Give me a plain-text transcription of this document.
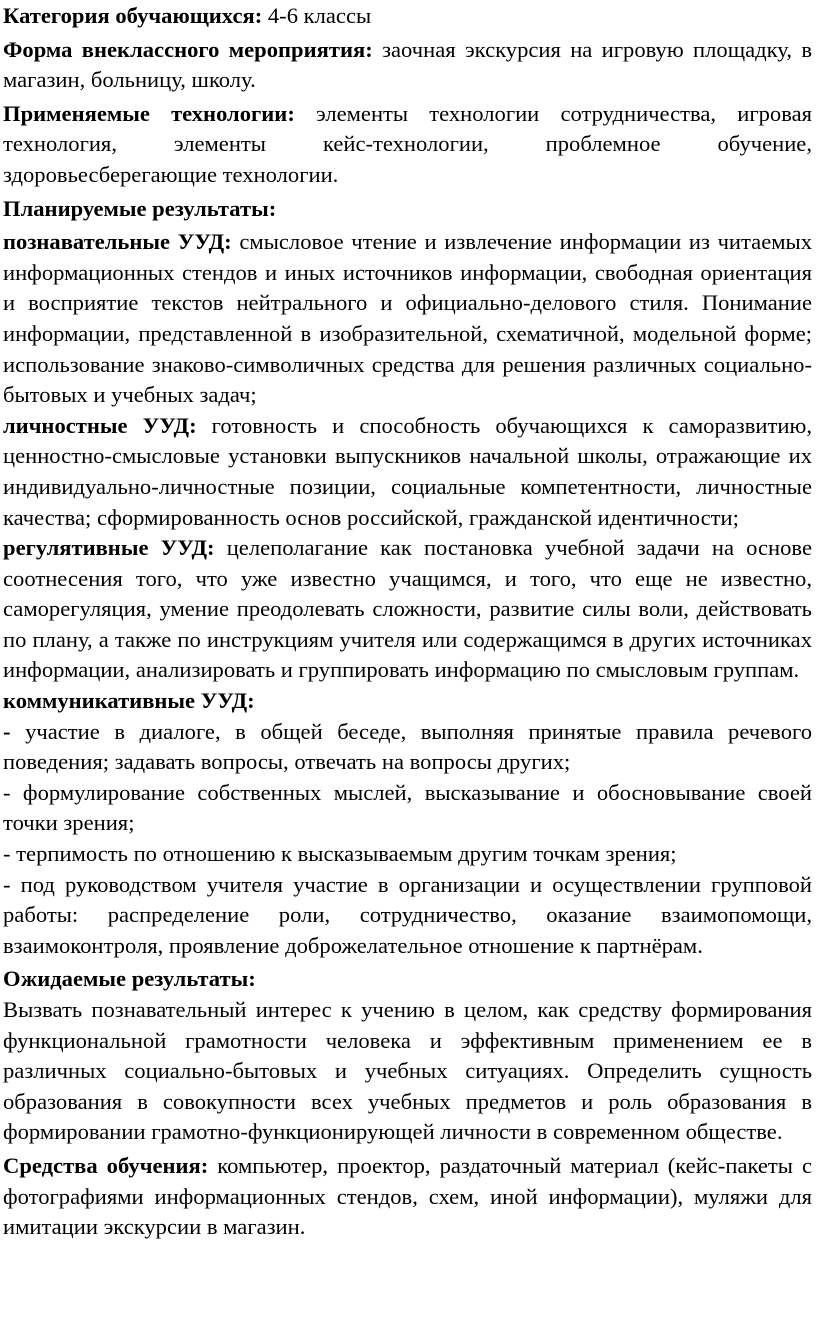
Категория обучающихся: 4-6 классы

Форма внеклассного мероприятия: заочная экскурсия на игровую площадку, в магазин, больницу, школу.

Применяемые технологии: элементы технологии сотрудничества, игровая технология, элементы кейс-технологии, проблемное обучение, здоровьесберегающие технологии.

Планируемые результаты:

познавательные УУД: смысловое чтение и извлечение информации из читаемых информационных стендов и иных источников информации, свободная ориентация и восприятие текстов нейтрального и официально-делового стиля. Понимание информации, представленной в изобразительной, схематичной, модельной форме; использование знаково-символичных средства для решения различных социально-бытовых и учебных задач;

личностные УУД: готовность и способность обучающихся к саморазвитию, ценностно-смысловые установки выпускников начальной школы, отражающие их индивидуально-личностные позиции, социальные компетентности, личностные качества; сформированность основ российской, гражданской идентичности;

регулятивные УУД: целеполагание как постановка учебной задачи на основе соотнесения того, что уже известно учащимся, и того, что еще не известно, саморегуляция, умение преодолевать сложности, развитие силы воли, действовать по плану, а также по инструкциям учителя или содержащимся в других источниках информации, анализировать и группировать информацию по смысловым группам.

коммуникативные УУД:

- участие в диалоге, в общей беседе, выполняя принятые правила речевого поведения; задавать вопросы, отвечать на вопросы других;

- формулирование собственных мыслей, высказывание и обосновывание своей точки зрения;

- терпимость по отношению к высказываемым другим точкам зрения;

- под руководством учителя участие в организации и осуществлении групповой работы: распределение роли, сотрудничество, оказание взаимопомощи, взаимоконтроля, проявление доброжелательное отношение к партнёрам.

Ожидаемые результаты:

Вызвать познавательный интерес к учению в целом, как средству формирования функциональной грамотности человека и эффективным применением ее в различных социально-бытовых и учебных ситуациях. Определить сущность образования в совокупности всех учебных предметов и роль образования в формировании грамотно-функционирующей личности в современном обществе.

Средства обучения: компьютер, проектор, раздаточный материал (кейс-пакеты с фотографиями информационных стендов, схем, иной информации), муляжи для имитации экскурсии в магазин.
